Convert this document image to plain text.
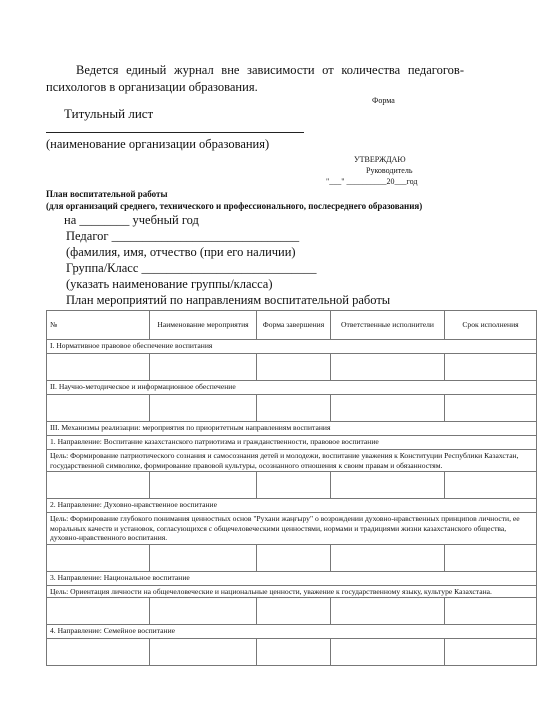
Ведется единый журнал вне зависимости от количества педагогов-
психологов в организации образования.
Форма
Титульный лист
(наименование организации образования)
УТВЕРЖДАЮ
Руководитель
"___" __________20___год
План воспитательной работы
(для организаций среднего, технического и профессионального, послесреднего образования)
на ________ учебный год
Педагог ______________________________
(фамилия, имя, отчество (при его наличии)
Группа/Класс ____________________________
(указать наименование группы/класса)
План мероприятий по направлениям воспитательной работы
№	Наименование мероприятия	Форма завершения	Ответственные исполнители	Срок исполнения
I. Нормативное правовое обеспечение воспитания				

II. Научно-методическое и информационное обеспечение				

III. Механизмы реализации: мероприятия по приоритетным направлениям воспитания				
1. Направление: Воспитание казахстанского патриотизма и гражданственности, правовое воспитание				
Цель: Формирование патриотического сознания и самосознания детей и молодежи, воспитание уважения к Конституции Республики Казахстан, государственной символике, формирование правовой культуры, осознанного отношения к своим правам и обязанностям.				

2. Направление: Духовно-нравственное воспитание				
Цель: Формирование глубокого понимания ценностных основ "Рухани жаңғыру" о возрождении духовно-нравственных принципов личности, ее моральных качеств и установок, согласующихся с общечеловеческими ценностями, нормами и традициями жизни казахстанского общества, духовно-нравственного воспитания.				

3. Направление: Национальное воспитание				
Цель: Ориентация личности на общечеловеческие и национальные ценности, уважение к государственному языку, культуре Казахстана.				

4. Направление: Семейное воспитание				
